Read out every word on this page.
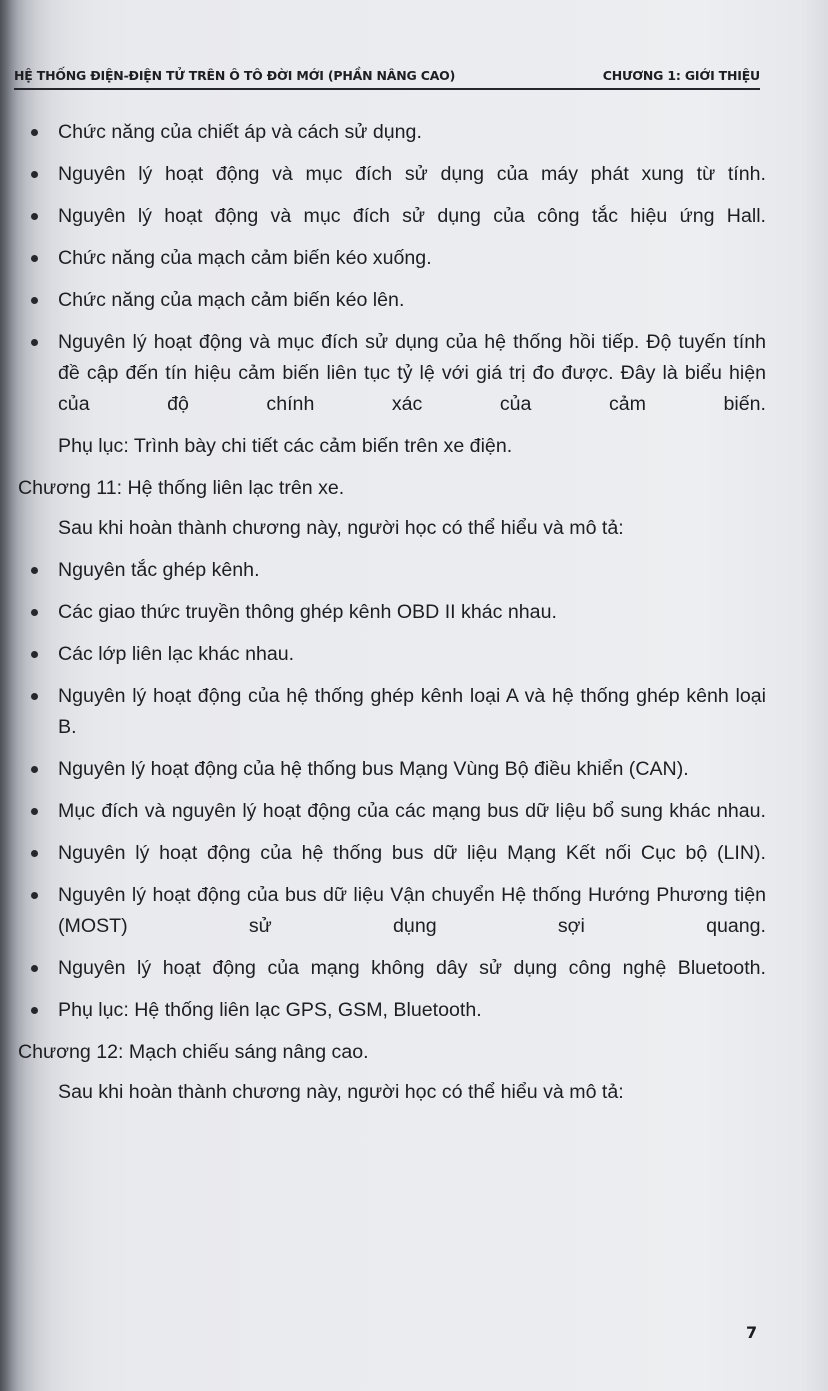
HỆ THỐNG ĐIỆN-ĐIỆN TỬ TRÊN Ô TÔ ĐỜI MỚI (PHẦN NÂNG CAO)	CHƯƠNG 1: GIỚI THIỆU
Chức năng của chiết áp và cách sử dụng.
Nguyên lý hoạt động và mục đích sử dụng của máy phát xung từ tính.
Nguyên lý hoạt động và mục đích sử dụng của công tắc hiệu ứng Hall.
Chức năng của mạch cảm biến kéo xuống.
Chức năng của mạch cảm biến kéo lên.
Nguyên lý hoạt động và mục đích sử dụng của hệ thống hồi tiếp. Độ tuyến tính đề cập đến tín hiệu cảm biến liên tục tỷ lệ với giá trị đo được. Đây là biểu hiện của độ chính xác của cảm biến.
Phụ lục: Trình bày chi tiết các cảm biến trên xe điện.
Chương 11: Hệ thống liên lạc trên xe.
Sau khi hoàn thành chương này, người học có thể hiểu và mô tả:
Nguyên tắc ghép kênh.
Các giao thức truyền thông ghép kênh OBD II khác nhau.
Các lớp liên lạc khác nhau.
Nguyên lý hoạt động của hệ thống ghép kênh loại A và hệ thống ghép kênh loại B.
Nguyên lý hoạt động của hệ thống bus Mạng Vùng Bộ điều khiển (CAN).
Mục đích và nguyên lý hoạt động của các mạng bus dữ liệu bổ sung khác nhau.
Nguyên lý hoạt động của hệ thống bus dữ liệu Mạng Kết nối Cục bộ (LIN).
Nguyên lý hoạt động của bus dữ liệu Vận chuyển Hệ thống Hướng Phương tiện (MOST) sử dụng sợi quang.
Nguyên lý hoạt động của mạng không dây sử dụng công nghệ Bluetooth.
Phụ lục: Hệ thống liên lạc GPS, GSM, Bluetooth.
Chương 12: Mạch chiếu sáng nâng cao.
Sau khi hoàn thành chương này, người học có thể hiểu và mô tả:
7
